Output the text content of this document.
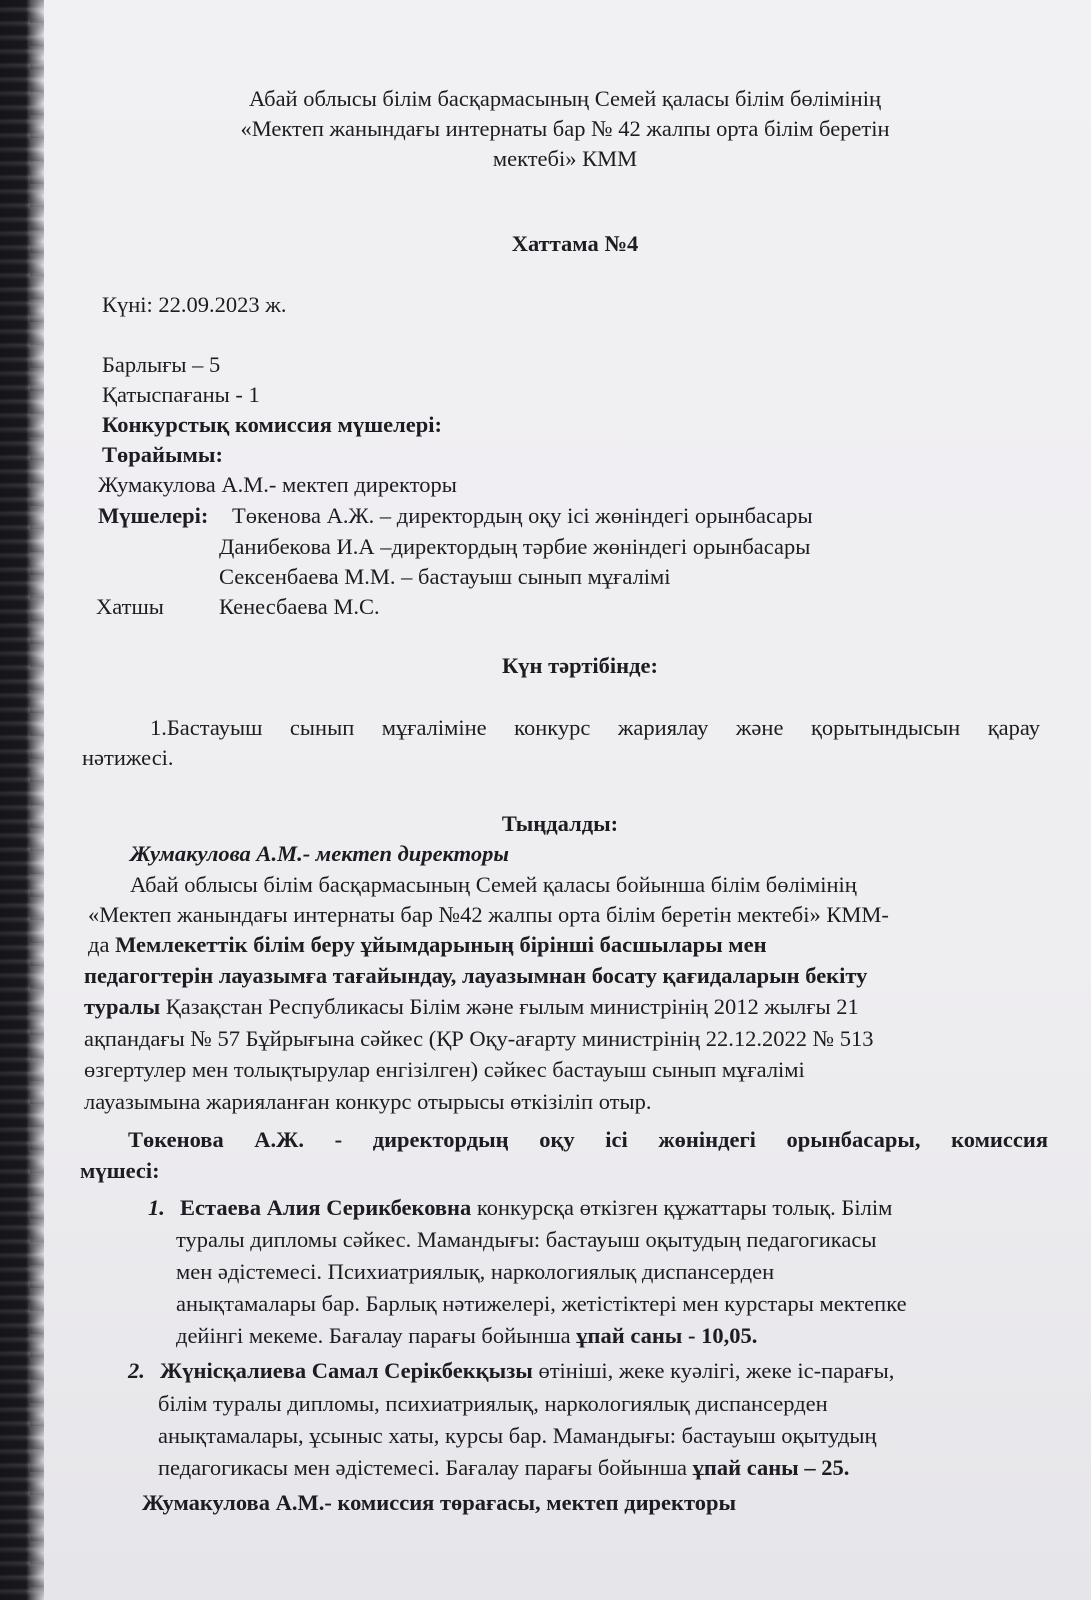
Абай облысы білім басқармасының Семей қаласы білім бөлімінің
«Мектеп жанындағы интернаты бар № 42 жалпы орта білім беретін
мектебі» КММ
Хаттама №4
Күні: 22.09.2023 ж.
Барлығы – 5
Қатыспағаны - 1
Конкурстық комиссия мүшелері:
Төрайымы:
Жумакулова А.М.- мектеп директоры
Мүшелері: Төкенова А.Ж. – директордың оқу ісі жөніндегі орынбасары
Данибекова И.А –директордың тәрбие жөніндегі орынбасары
Сексенбаева М.М. – бастауыш сынып мұғалімі
Хатшы Кенесбаева М.С.
Күн тәртібінде:
1.Бастауыш сынып мұғаліміне конкурс жариялау және қорытындысын қарау
нәтижесі.
Тыңдалды:
Жумакулова А.М.- мектеп директоры
Абай облысы білім басқармасының Семей қаласы бойынша білім бөлімінің
«Мектеп жанындағы интернаты бар №42 жалпы орта білім беретін мектебі» КММ-
да Мемлекеттік білім беру ұйымдарының бірінші басшылары мен
педагогтерін лауазымға тағайындау, лауазымнан босату қағидаларын бекіту
туралы Қазақстан Республикасы Білім және ғылым министрінің 2012 жылғы 21
ақпандағы № 57 Бұйрығына сәйкес (ҚР Оқу-ағарту министрінің 22.12.2022 № 513
өзгертулер мен толықтырулар енгізілген) сәйкес бастауыш сынып мұғалімі
лауазымына жарияланған конкурс отырысы өткізіліп отыр.
Төкенова А.Ж. - директордың оқу ісі жөніндегі орынбасары, комиссия
мүшесі:
1. Естаева Алия Серикбековна конкурсқа өткізген құжаттары толық. Білім
туралы дипломы сәйкес. Мамандығы: бастауыш оқытудың педагогикасы
мен әдістемесі. Психиатриялық, наркологиялық диспансерден
анықтамалары бар. Барлық нәтижелері, жетістіктері мен курстары мектепке
дейінгі мекеме. Бағалау парағы бойынша ұпай саны - 10,05.
2. Жүнісқалиева Самал Серікбекқызы өтініші, жеке куәлігі, жеке іс-парағы,
білім туралы дипломы, психиатриялық, наркологиялық диспансерден
анықтамалары, ұсыныс хаты, курсы бар. Мамандығы: бастауыш оқытудың
педагогикасы мен әдістемесі. Бағалау парағы бойынша ұпай саны – 25.
Жумакулова А.М.- комиссия төрағасы, мектеп директоры
